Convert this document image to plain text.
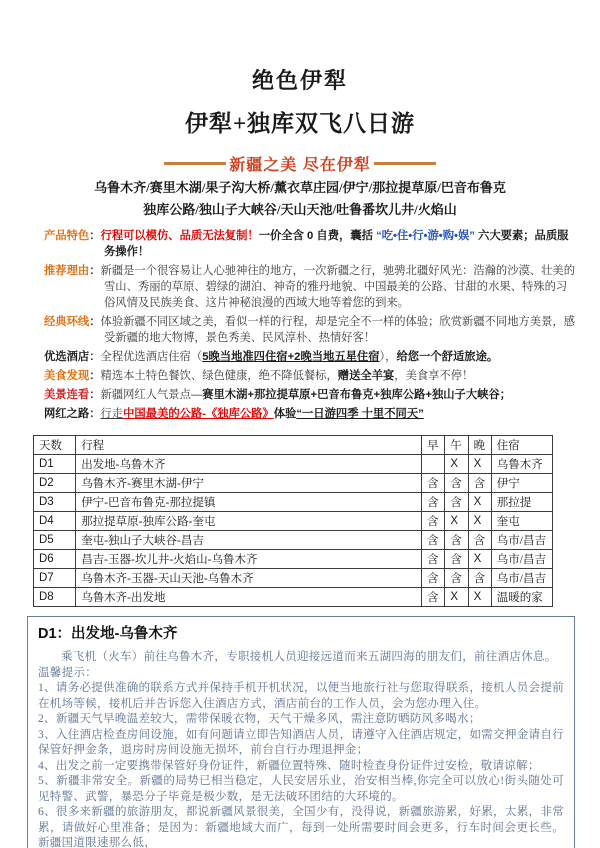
绝色伊犁
伊犁+独库双飞八日游
新疆之美 尽在伊犁
乌鲁木齐/赛里木湖/果子沟大桥/薰衣草庄园/伊宁/那拉提草原/巴音布鲁克
独库公路/独山子大峡谷/天山天池/吐鲁番坎儿井/火焰山

产品特色：行程可以模仿、品质无法复制！一价全含 0 自费，囊括 “吃•住•行•游•购•娱” 六大要素；品质服务操作！

推荐理由：新疆是一个很容易让人心驰神往的地方，一次新疆之行，驰骋北疆好风光：浩瀚的沙漠、壮美的雪山、秀丽的草原、碧绿的湖泊、神奇的雅丹地貌、中国最美的公路、甘甜的水果、特殊的习俗风情及民族美食、这片神秘浪漫的西域大地等着您的到来。

经典环线：体验新疆不同区域之美，看似一样的行程，却是完全不一样的体验；欣赏新疆不同地方美景，感受新疆的地大物博，景色秀美、民风淳朴、热情好客！

优选酒店：全程优选酒店住宿（5晚当地准四住宿+2晚当地五星住宿），给您一个舒适旅途。

美食发现：精选本土特色餐饮、绿色健康，绝不降低餐标，赠送全羊宴，美食享不停！

美景连看：新疆网红人气景点—赛里木湖+那拉提草原+巴音布鲁克+独库公路+独山子大峡谷；

网红之路：行走中国最美的公路-《独库公路》体验“一日游四季 十里不同天”

天数	行程	早	午	晚	住宿
D1	出发地-乌鲁木齐		X	X	乌鲁木齐
D2	乌鲁木齐-赛里木湖-伊宁	含	含	含	伊宁
D3	伊宁-巴音布鲁克-那拉提镇	含	含	X	那拉提
D4	那拉提草原-独库公路-奎屯	含	X	X	奎屯
D5	奎屯-独山子大峡谷-昌吉	含	含	含	乌市/昌吉
D6	昌吉-玉器-坎儿井-火焰山-乌鲁木齐	含	含	X	乌市/昌吉
D7	乌鲁木齐-玉器-天山天池-乌鲁木齐	含	含	含	乌市/昌吉
D8	乌鲁木齐-出发地	含	X	X	温暖的家
D1：出发地-乌鲁木齐

乘飞机（火车）前往乌鲁木齐，专职接机人员迎接远道而来五湖四海的朋友们，前往酒店休息。

温馨提示：

1、请务必提供准确的联系方式并保持手机开机状况，以便当地旅行社与您取得联系，接机人员会提前在机场等候，接机后并告诉您入住酒店方式，酒店前台的工作人员，会为您办理入住。

2、新疆天气早晚温差较大，需带保暖衣物，天气干燥多风，需注意防晒防风多喝水；

3、入住酒店检查房间设施，如有问题请立即告知酒店人员，请遵守入住酒店规定，如需交押金请自行保管好押金条，退房时房间设施无损坏，前台自行办理退押金；

4、出发之前一定要携带保管好身份证件，新疆位置特殊、随时检查身份证件过安检，敬请谅解；

5、新疆非常安全。新疆的局势已相当稳定，人民安居乐业，治安相当棒,你完全可以放心!街头随处可见特警、武警，暴恐分子毕竟是极少数，是无法破环团结的大环境的。

6、很多来新疆的旅游朋友，都说新疆风景很美，全国少有，没得说，新疆旅游累，好累，太累，非常累，请做好心里准备；是因为：新疆地域大而广，每到一处所需要时间会更多，行车时间会更长些。新疆国道限速那么低，
